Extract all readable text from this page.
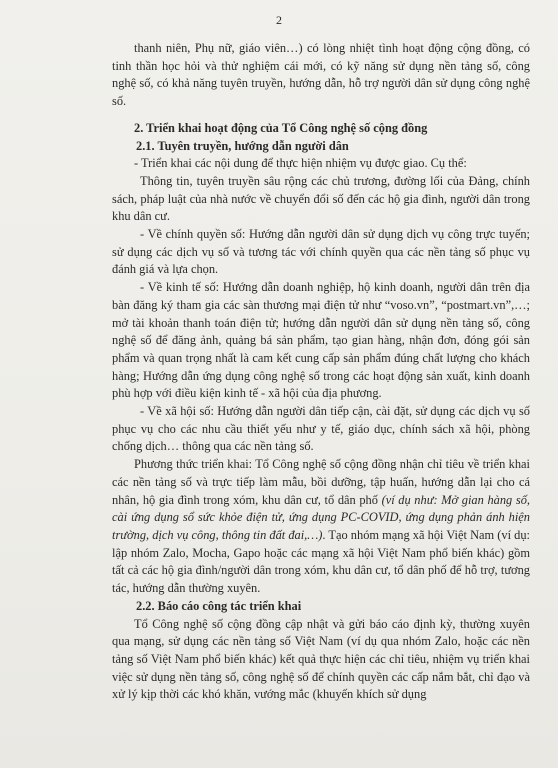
2

thanh niên, Phụ nữ, giáo viên…) có lòng nhiệt tình hoạt động cộng đồng, có tinh thần học hỏi và thử nghiệm cái mới, có kỹ năng sử dụng nền tảng số, công nghệ số, có khả năng tuyên truyền, hướng dẫn, hỗ trợ người dân sử dụng công nghệ số.

2. Triển khai hoạt động của Tổ Công nghệ số cộng đồng

2.1. Tuyên truyền, hướng dẫn người dân

- Triển khai các nội dung để thực hiện nhiệm vụ được giao. Cụ thể:

Thông tin, tuyên truyền sâu rộng các chủ trương, đường lối của Đảng, chính sách, pháp luật của nhà nước về chuyển đổi số đến các hộ gia đình, người dân trong khu dân cư.

- Về chính quyền số: Hướng dẫn người dân sử dụng dịch vụ công trực tuyến; sử dụng các dịch vụ số và tương tác với chính quyền qua các nền tảng số phục vụ đánh giá và lựa chọn.

- Về kinh tế số: Hướng dẫn doanh nghiệp, hộ kinh doanh, người dân trên địa bàn đăng ký tham gia các sàn thương mại điện tử như “voso.vn”, “postmart.vn”,…; mở tài khoản thanh toán điện tử; hướng dẫn người dân sử dụng nền tảng số, công nghệ số để đăng ảnh, quảng bá sản phẩm, tạo gian hàng, nhận đơn, đóng gói sản phẩm và quan trọng nhất là cam kết cung cấp sản phẩm đúng chất lượng cho khách hàng; Hướng dẫn ứng dụng công nghệ số trong các hoạt động sản xuất, kinh doanh phù hợp với điều kiện kinh tế - xã hội của địa phương.

- Về xã hội số: Hướng dẫn người dân tiếp cận, cài đặt, sử dụng các dịch vụ số phục vụ cho các nhu cầu thiết yếu như y tế, giáo dục, chính sách xã hội, phòng chống dịch… thông qua các nền tảng số.

Phương thức triển khai: Tổ Công nghệ số cộng đồng nhận chỉ tiêu về triển khai các nền tảng số và trực tiếp làm mẫu, bồi dưỡng, tập huấn, hướng dẫn lại cho cá nhân, hộ gia đình trong xóm, khu dân cư, tổ dân phố (ví dụ như: Mở gian hàng số, cài ứng dụng sổ sức khỏe điện tử, ứng dụng PC-COVID, ứng dụng phản ánh hiện trường, dịch vụ công, thông tin đất đai,…). Tạo nhóm mạng xã hội Việt Nam (ví dụ: lập nhóm Zalo, Mocha, Gapo hoặc các mạng xã hội Việt Nam phổ biến khác) gồm tất cả các hộ gia đình/người dân trong xóm, khu dân cư, tổ dân phố để hỗ trợ, tương tác, hướng dẫn thường xuyên.

2.2. Báo cáo công tác triển khai

Tổ Công nghệ số cộng đồng cập nhật và gửi báo cáo định kỳ, thường xuyên qua mạng, sử dụng các nền tảng số Việt Nam (ví dụ qua nhóm Zalo, hoặc các nền tảng số Việt Nam phổ biến khác) kết quả thực hiện các chỉ tiêu, nhiệm vụ triển khai việc sử dụng nền tảng số, công nghệ số để chính quyền các cấp nắm bắt, chỉ đạo và xử lý kịp thời các khó khăn, vướng mắc (khuyến khích sử dụng
